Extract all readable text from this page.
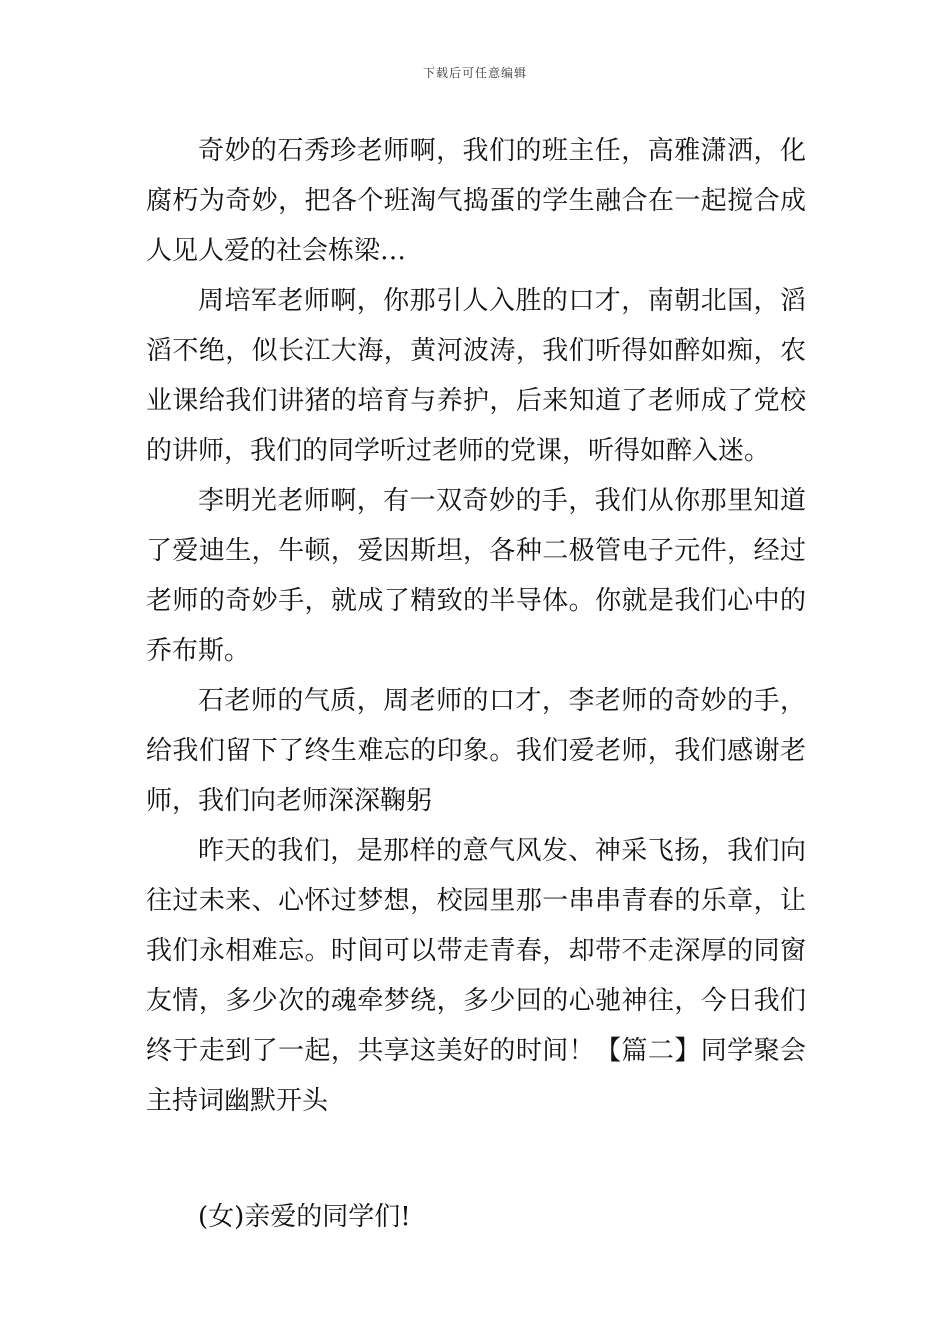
下载后可任意编辑

奇妙的石秀珍老师啊，我们的班主任，高雅潇洒，化腐朽为奇妙，把各个班淘气捣蛋的学生融合在一起搅合成人见人爱的社会栋梁…

周培军老师啊，你那引人入胜的口才，南朝北国，滔滔不绝，似长江大海，黄河波涛，我们听得如醉如痴，农业课给我们讲猪的培育与养护，后来知道了老师成了党校的讲师，我们的同学听过老师的党课，听得如醉入迷。

李明光老师啊，有一双奇妙的手，我们从你那里知道了爱迪生，牛顿，爱因斯坦，各种二极管电子元件，经过老师的奇妙手，就成了精致的半导体。你就是我们心中的乔布斯。

石老师的气质，周老师的口才，李老师的奇妙的手，给我们留下了终生难忘的印象。我们爱老师，我们感谢老师，我们向老师深深鞠躬

昨天的我们，是那样的意气风发、神采飞扬，我们向往过未来、心怀过梦想，校园里那一串串青春的乐章，让我们永相难忘。时间可以带走青春，却带不走深厚的同窗友情，多少次的魂牵梦绕，多少回的心驰神往，今日我们终于走到了一起，共享这美好的时间！【篇二】同学聚会主持词幽默开头

(女)亲爱的同学们!
